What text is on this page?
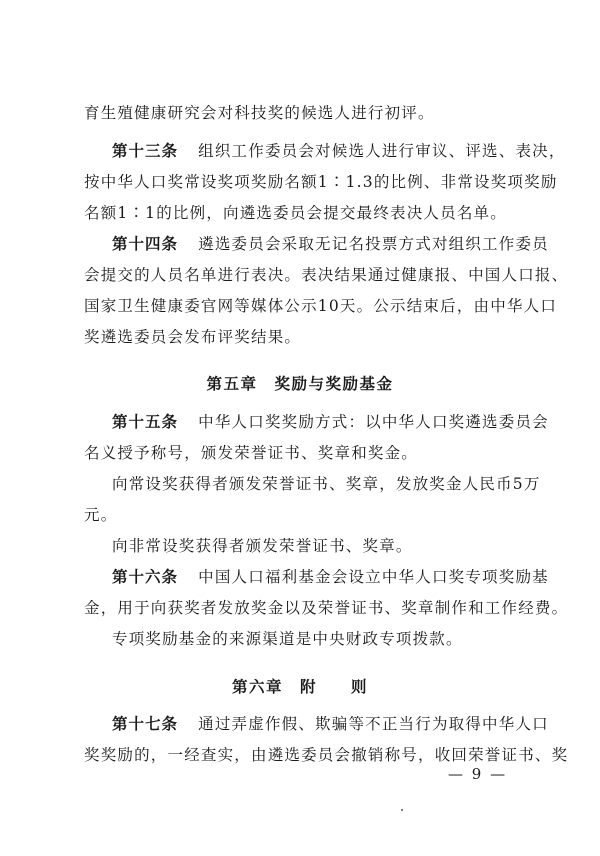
育生殖健康研究会对科技奖的候选人进行初评。
第十三条 组织工作委员会对候选人进行审议、评选、表决，
按中华人口奖常设奖项奖励名额1∶1.3的比例、非常设奖项奖励
名额1∶1的比例，向遴选委员会提交最终表决人员名单。
第十四条 遴选委员会采取无记名投票方式对组织工作委员
会提交的人员名单进行表决。表决结果通过健康报、中国人口报、
国家卫生健康委官网等媒体公示10天。公示结束后，由中华人口
奖遴选委员会发布评奖结果。
第五章　奖励与奖励基金
第十五条 中华人口奖奖励方式：以中华人口奖遴选委员会
名义授予称号，颁发荣誉证书、奖章和奖金。
向常设奖获得者颁发荣誉证书、奖章，发放奖金人民币5万
元。
向非常设奖获得者颁发荣誉证书、奖章。
第十六条 中国人口福利基金会设立中华人口奖专项奖励基
金，用于向获奖者发放奖金以及荣誉证书、奖章制作和工作经费。
专项奖励基金的来源渠道是中央财政专项拨款。
第六章　附　　则
第十七条 通过弄虚作假、欺骗等不正当行为取得中华人口
奖奖励的，一经查实，由遴选委员会撤销称号，收回荣誉证书、奖
— 9 —
